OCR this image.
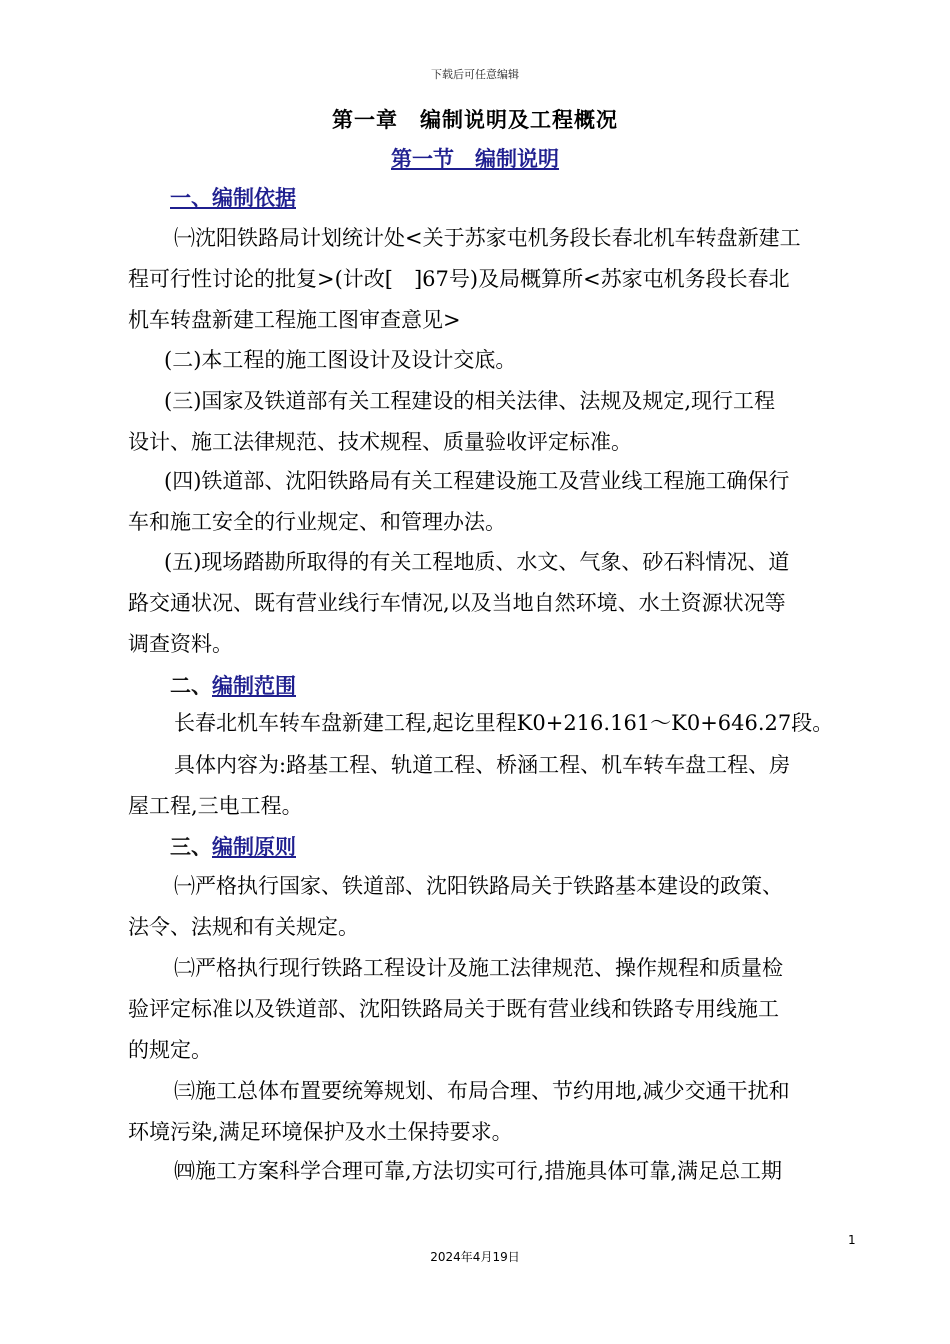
下载后可任意编辑
第一章　编制说明及工程概况
第一节　编制说明
一、编制依据
㈠沈阳铁路局计划统计处<关于苏家屯机务段长春北机车转盘新建工
程可行性讨论的批复>(计改[　]67号)及局概算所<苏家屯机务段长春北
机车转盘新建工程施工图审查意见>
(二)本工程的施工图设计及设计交底。
(三)国家及铁道部有关工程建设的相关法律、法规及规定,现行工程
设计、施工法律规范、技术规程、质量验收评定标准。
(四)铁道部、沈阳铁路局有关工程建设施工及营业线工程施工确保行
车和施工安全的行业规定、和管理办法。
(五)现场踏勘所取得的有关工程地质、水文、气象、砂石料情况、道
路交通状况、既有营业线行车情况,以及当地自然环境、水土资源状况等
调查资料。
二、编制范围
长春北机车转车盘新建工程,起讫里程K0+216.161～K0+646.27段。
具体内容为:路基工程、轨道工程、桥涵工程、机车转车盘工程、房
屋工程,三电工程。
三、编制原则
㈠严格执行国家、铁道部、沈阳铁路局关于铁路基本建设的政策、
法令、法规和有关规定。
㈡严格执行现行铁路工程设计及施工法律规范、操作规程和质量检
验评定标准以及铁道部、沈阳铁路局关于既有营业线和铁路专用线施工
的规定。
㈢施工总体布置要统筹规划、布局合理、节约用地,减少交通干扰和
环境污染,满足环境保护及水土保持要求。
㈣施工方案科学合理可靠,方法切实可行,措施具体可靠,满足总工期
1
2024年4月19日
